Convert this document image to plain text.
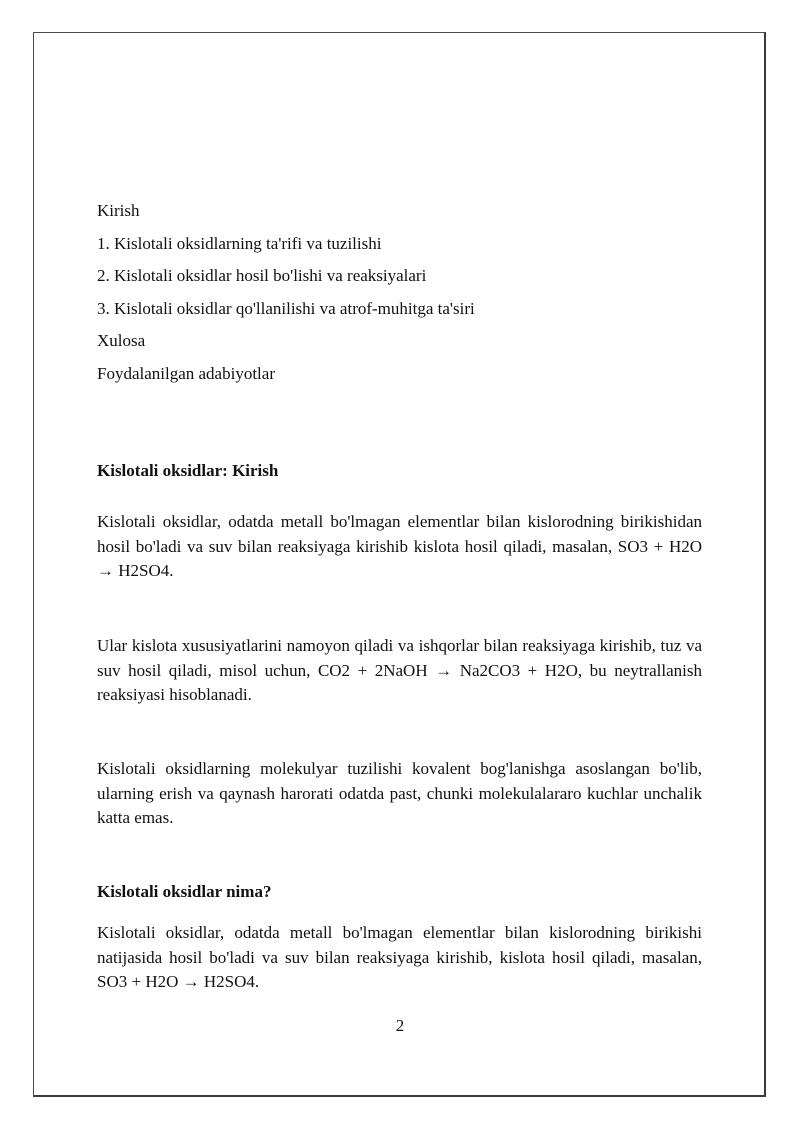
Kirish
1. Kislotali oksidlarning ta'rifi va tuzilishi
2. Kislotali oksidlar hosil bo'lishi va reaksiyalari
3. Kislotali oksidlar qo'llanilishi va atrof-muhitga ta'siri
Xulosa
Foydalanilgan adabiyotlar
Kislotali oksidlar: Kirish

Kislotali oksidlar, odatda metall bo'lmagan elementlar bilan kislorodning birikishidan hosil bo'ladi va suv bilan reaksiyaga kirishib kislota hosil qiladi, masalan, SO3 + H2O → H2SO4.

Ular kislota xususiyatlarini namoyon qiladi va ishqorlar bilan reaksiyaga kirishib, tuz va suv hosil qiladi, misol uchun, CO2 + 2NaOH → Na2CO3 + H2O, bu neytrallanish reaksiyasi hisoblanadi.

Kislotali oksidlarning molekulyar tuzilishi kovalent bog'lanishga asoslangan bo'lib, ularning erish va qaynash harorati odatda past, chunki molekulalararo kuchlar unchalik katta emas.

Kislotali oksidlar nima?

Kislotali oksidlar, odatda metall bo'lmagan elementlar bilan kislorodning birikishi natijasida hosil bo'ladi va suv bilan reaksiyaga kirishib, kislota hosil qiladi, masalan, SO3 + H2O → H2SO4.

2
